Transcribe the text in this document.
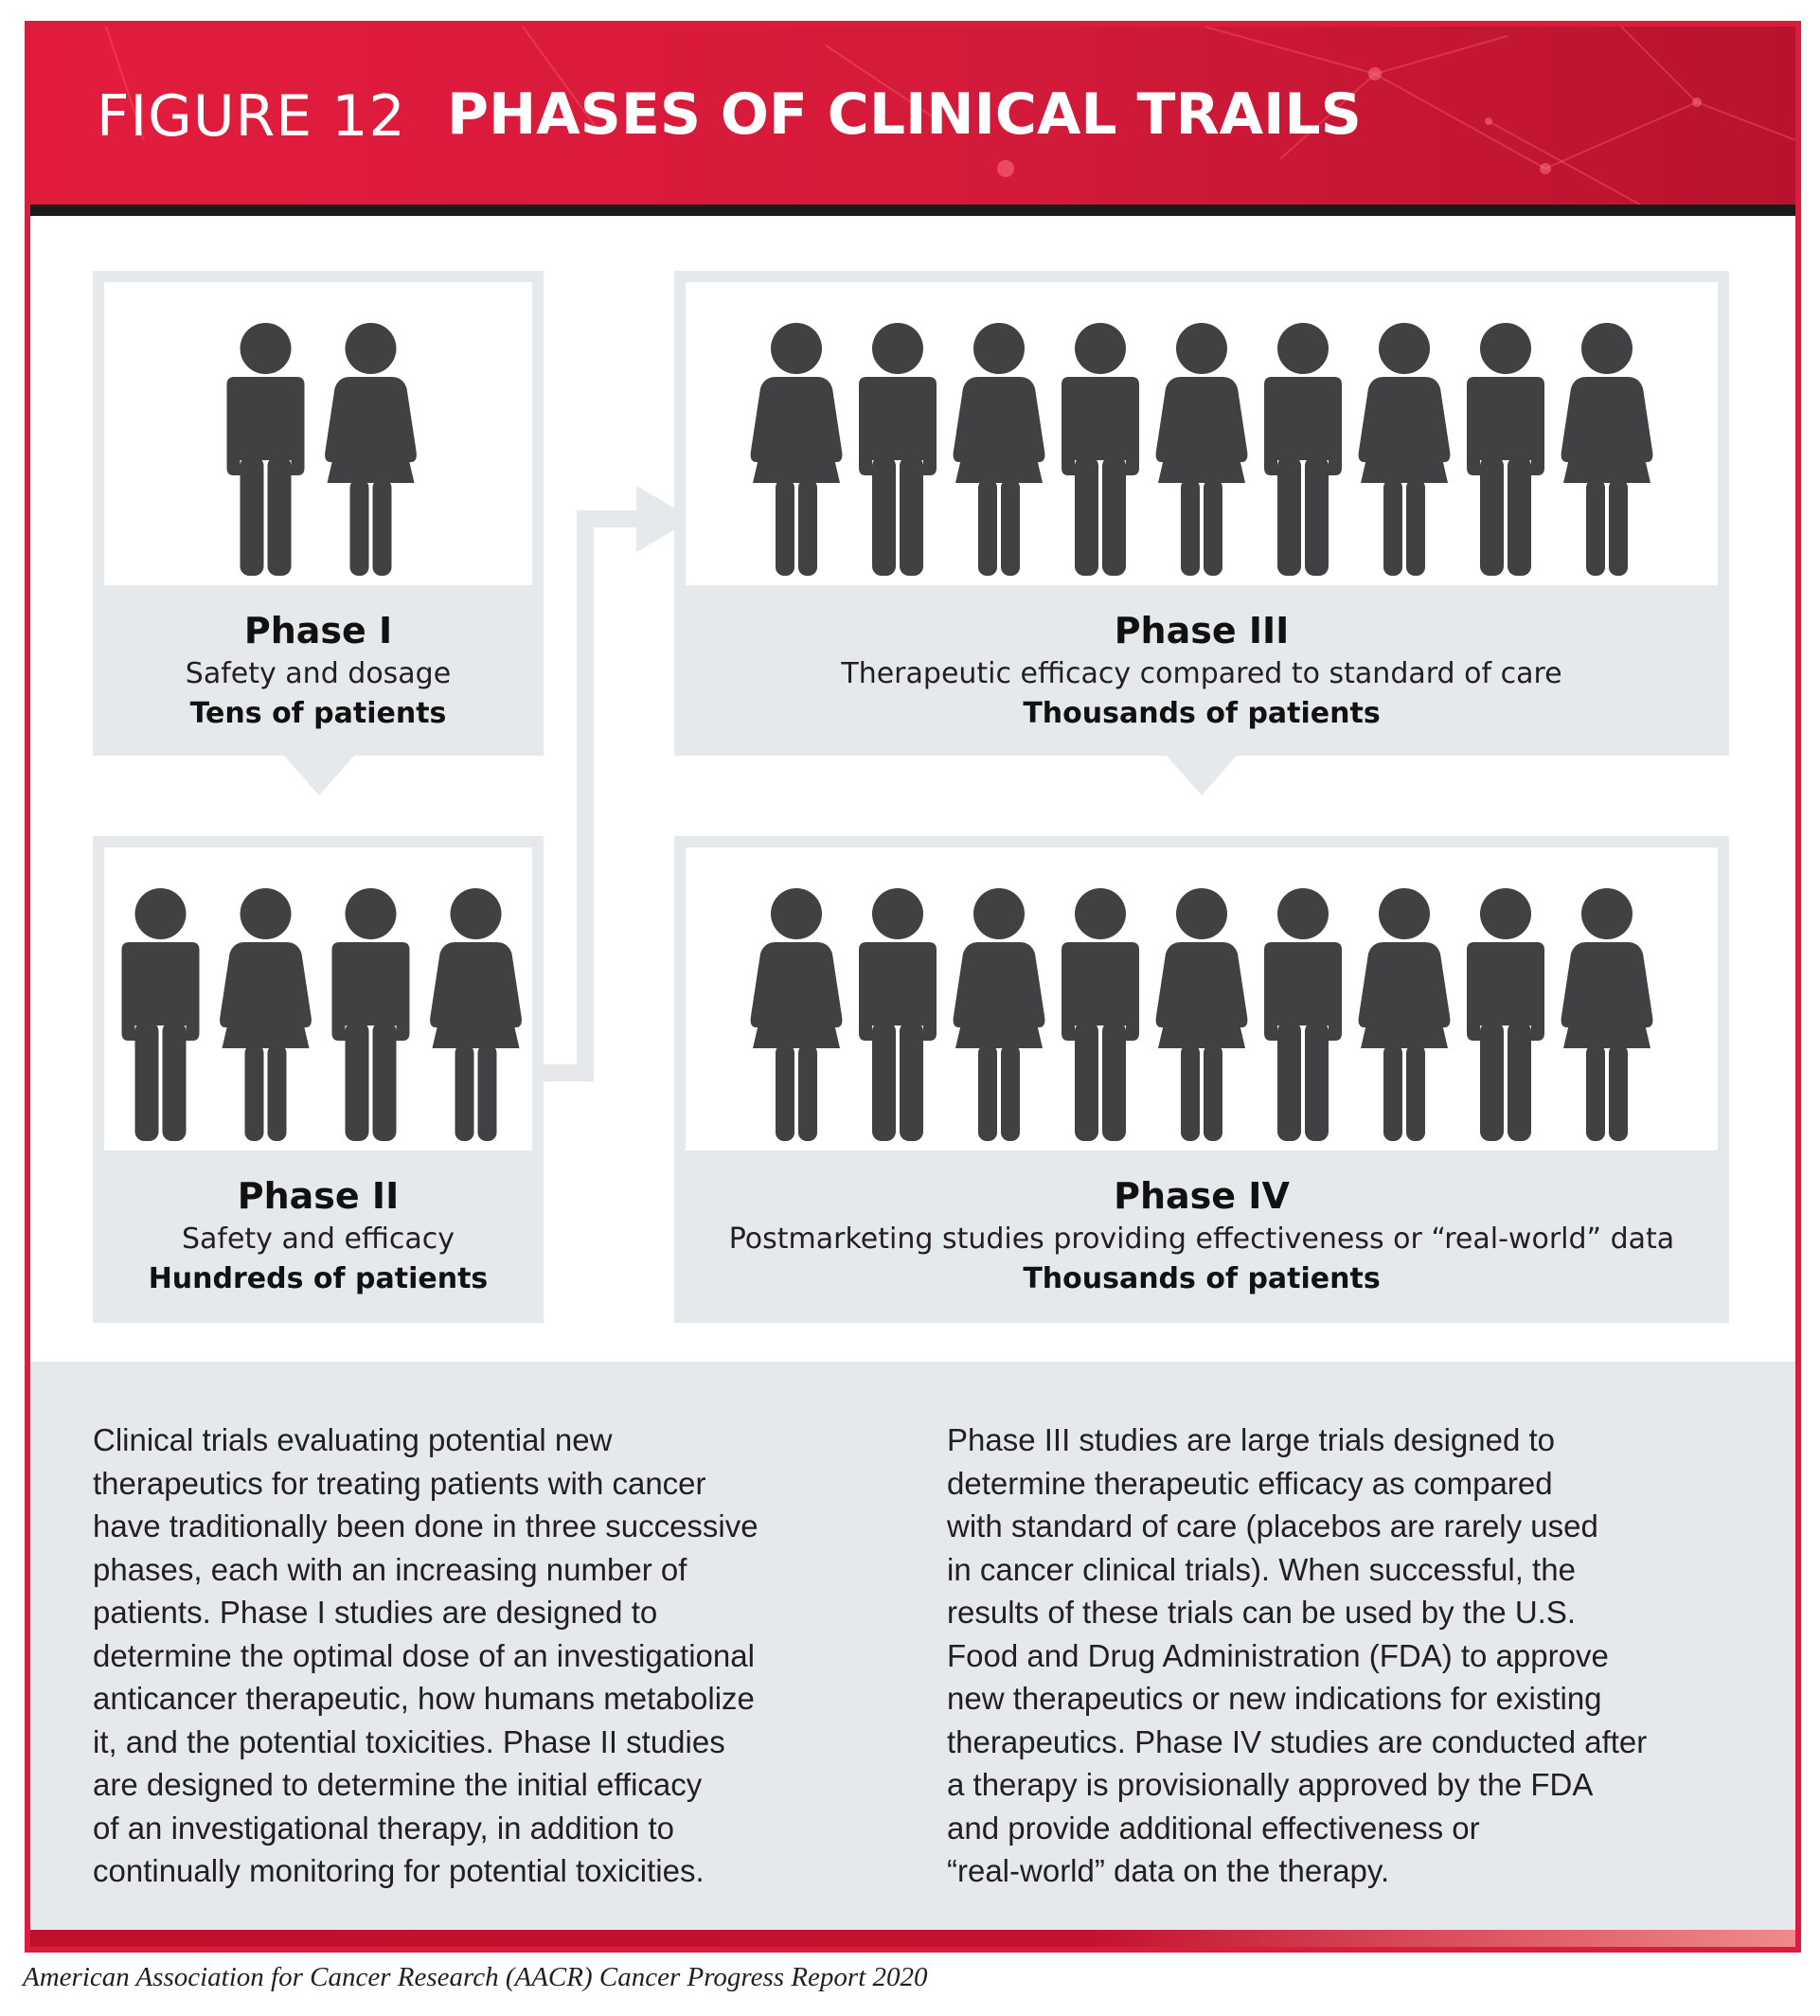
FIGURE 12 PHASES OF CLINICAL TRAILS
Phase I
Safety and dosage
Tens of patients
Phase II
Safety and efficacy
Hundreds of patients
Phase III
Therapeutic efficacy compared to standard of care
Thousands of patients
Phase IV
Postmarketing studies providing effectiveness or “real-world” data
Thousands of patients
Clinical trials evaluating potential new
therapeutics for treating patients with cancer
have traditionally been done in three successive
phases, each with an increasing number of
patients. Phase I studies are designed to
determine the optimal dose of an investigational
anticancer therapeutic, how humans metabolize
it, and the potential toxicities. Phase II studies
are designed to determine the initial efficacy
of an investigational therapy, in addition to
continually monitoring for potential toxicities.
Phase III studies are large trials designed to
determine therapeutic efficacy as compared
with standard of care (placebos are rarely used
in cancer clinical trials). When successful, the
results of these trials can be used by the U.S.
Food and Drug Administration (FDA) to approve
new therapeutics or new indications for existing
therapeutics. Phase IV studies are conducted after
a therapy is provisionally approved by the FDA
and provide additional effectiveness or
“real-world” data on the therapy.
American Association for Cancer Research (AACR) Cancer Progress Report 2020
